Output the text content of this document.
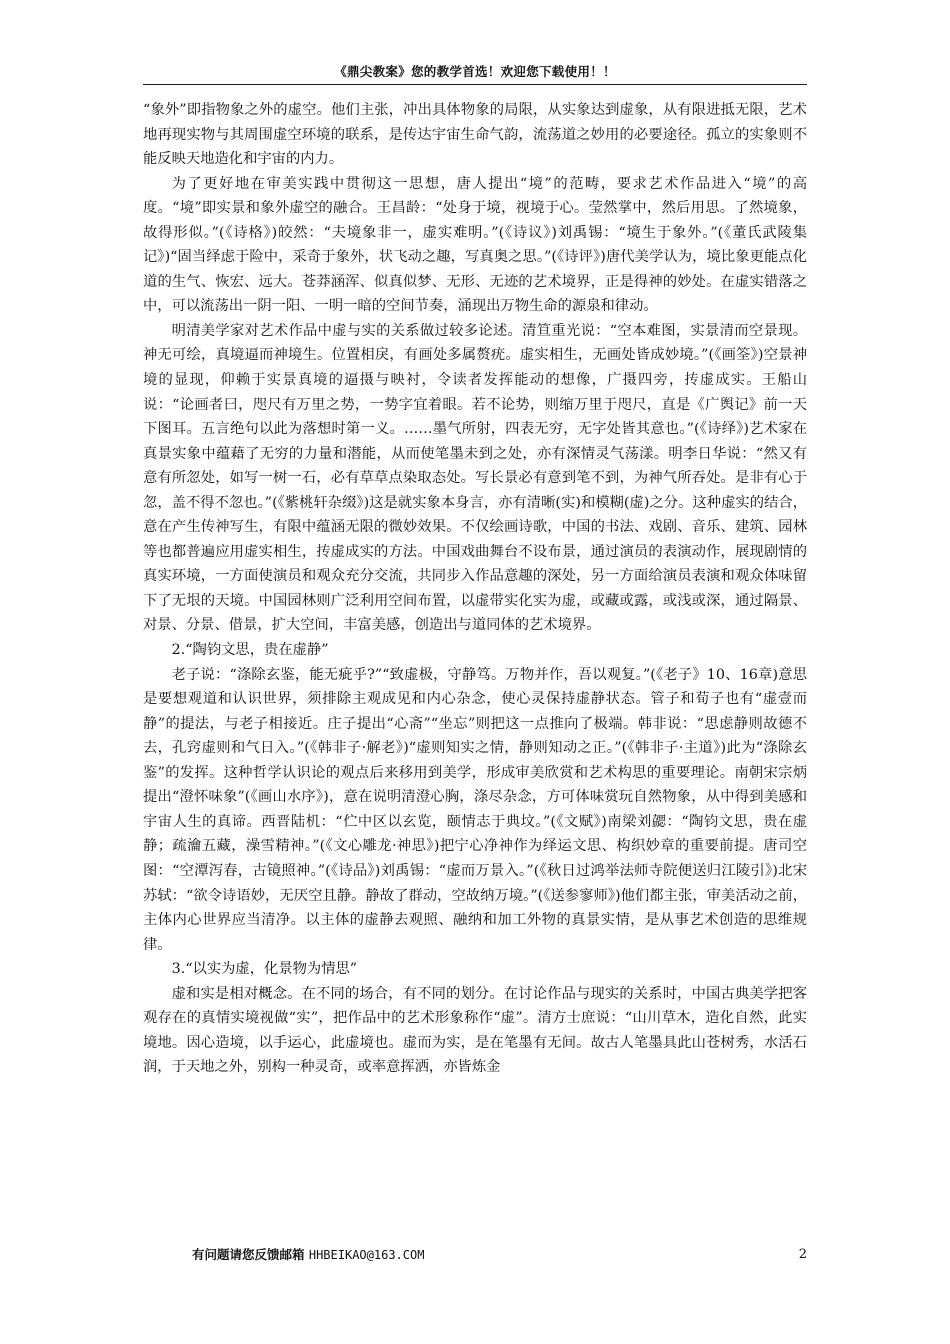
《鼎尖教案》您的教学首选！欢迎您下载使用！！

“象外”即指物象之外的虚空。他们主张，冲出具体物象的局限，从实象达到虚象，从有限进抵无限，艺术地再现实物与其周围虚空环境的联系，是传达宇宙生命气韵，流荡道之妙用的必要途径。孤立的实象则不能反映天地造化和宇宙的内力。

为了更好地在审美实践中贯彻这一思想，唐人提出“境”的范畴，要求艺术作品进入“境”的高度。“境”即实景和象外虚空的融合。王昌龄：“处身于境，视境于心。莹然掌中，然后用思。了然境象，故得形似。”(《诗格》)皎然：“夫境象非一，虚实难明。”(《诗议》)刘禹锡：“境生于象外。”(《董氏武陵集记》)“固当绎虑于险中，采奇于象外，状飞动之趣，写真奥之思。”(《诗评》)唐代美学认为，境比象更能点化道的生气、恢宏、远大。苍莽涵浑、似真似梦、无形、无迹的艺术境界，正是得神的妙处。在虚实错落之中，可以流荡出一阴一阳、一明一暗的空间节奏，涌现出万物生命的源泉和律动。

明清美学家对艺术作品中虚与实的关系做过较多论述。清笪重光说：“空本难图，实景清而空景现。神无可绘，真境逼而神境生。位置相戾，有画处多属赘疣。虚实相生，无画处皆成妙境。”(《画筌》)空景神境的显现，仰赖于实景真境的逼摄与映衬，令读者发挥能动的想像，广摄四旁，抟虚成实。王船山说：“论画者曰，咫尺有万里之势，一势字宜着眼。若不论势，则缩万里于咫尺，直是《广舆记》前一天下图耳。五言绝句以此为落想时第一义。……墨气所射，四表无穷，无字处皆其意也。”(《诗绎》)艺术家在真景实象中蕴藉了无穷的力量和潜能，从而使笔墨未到之处，亦有深情灵气荡漾。明李日华说：“然又有意有所忽处，如写一树一石，必有草草点染取态处。写长景必有意到笔不到，为神气所吞处。是非有心于忽，盖不得不忽也。”(《紫桃轩杂缀》)这是就实象本身言，亦有清晰(实)和模糊(虚)之分。这种虚实的结合，意在产生传神写生，有限中蕴涵无限的微妙效果。不仅绘画诗歌，中国的书法、戏剧、音乐、建筑、园林等也都普遍应用虚实相生，抟虚成实的方法。中国戏曲舞台不设布景，通过演员的表演动作，展现剧情的真实环境，一方面使演员和观众充分交流，共同步入作品意趣的深处，另一方面给演员表演和观众体味留下了无垠的天境。中国园林则广泛利用空间布置，以虚带实化实为虚，或藏或露，或浅或深，通过隔景、对景、分景、借景，扩大空间，丰富美感，创造出与道同体的艺术境界。

2.“陶钧文思，贵在虚静”

老子说：“涤除玄鉴，能无疵乎?”“致虚极，守静笃。万物并作，吾以观复。”(《老子》10、16章)意思是要想观道和认识世界，须排除主观成见和内心杂念，使心灵保持虚静状态。管子和荀子也有“虚壹而静”的提法，与老子相接近。庄子提出“心斋”“坐忘”则把这一点推向了极端。韩非说：“思虑静则故德不去，孔窍虚则和气日入。”(《韩非子·解老》)“虚则知实之情，静则知动之正。”(《韩非子·主道》)此为“涤除玄鉴”的发挥。这种哲学认识论的观点后来移用到美学，形成审美欣赏和艺术构思的重要理论。南朝宋宗炳提出“澄怀味象”(《画山水序》)，意在说明清澄心胸，涤尽杂念，方可体味赏玩自然物象，从中得到美感和宇宙人生的真谛。西晋陆机：“伫中区以玄览，颐情志于典坟。”(《文赋》)南梁刘勰：“陶钧文思，贵在虚静；疏瀹五藏，澡雪精神。”(《文心雕龙·神思》)把宁心净神作为绎运文思、构织妙章的重要前提。唐司空图：“空潭泻春，古镜照神。”(《诗品》)刘禹锡：“虚而万景入。”(《秋日过鸿举法师寺院便送归江陵引》)北宋苏轼：“欲令诗语妙，无厌空且静。静故了群动，空故纳万境。”(《送参寥师》)他们都主张，审美活动之前，主体内心世界应当清净。以主体的虚静去观照、融纳和加工外物的真景实情，是从事艺术创造的思维规律。

3.“以实为虚，化景物为情思”

虚和实是相对概念。在不同的场合，有不同的划分。在讨论作品与现实的关系时，中国古典美学把客观存在的真情实境视做“实”，把作品中的艺术形象称作“虚”。清方士庶说：“山川草木，造化自然，此实境地。因心造境，以手运心，此虚境也。虚而为实，是在笔墨有无间。故古人笔墨具此山苍树秀，水活石润，于天地之外，别构一种灵奇，或率意挥洒，亦皆炼金

有问题请您反馈邮箱 HHBEIKAO@163.COM	2
